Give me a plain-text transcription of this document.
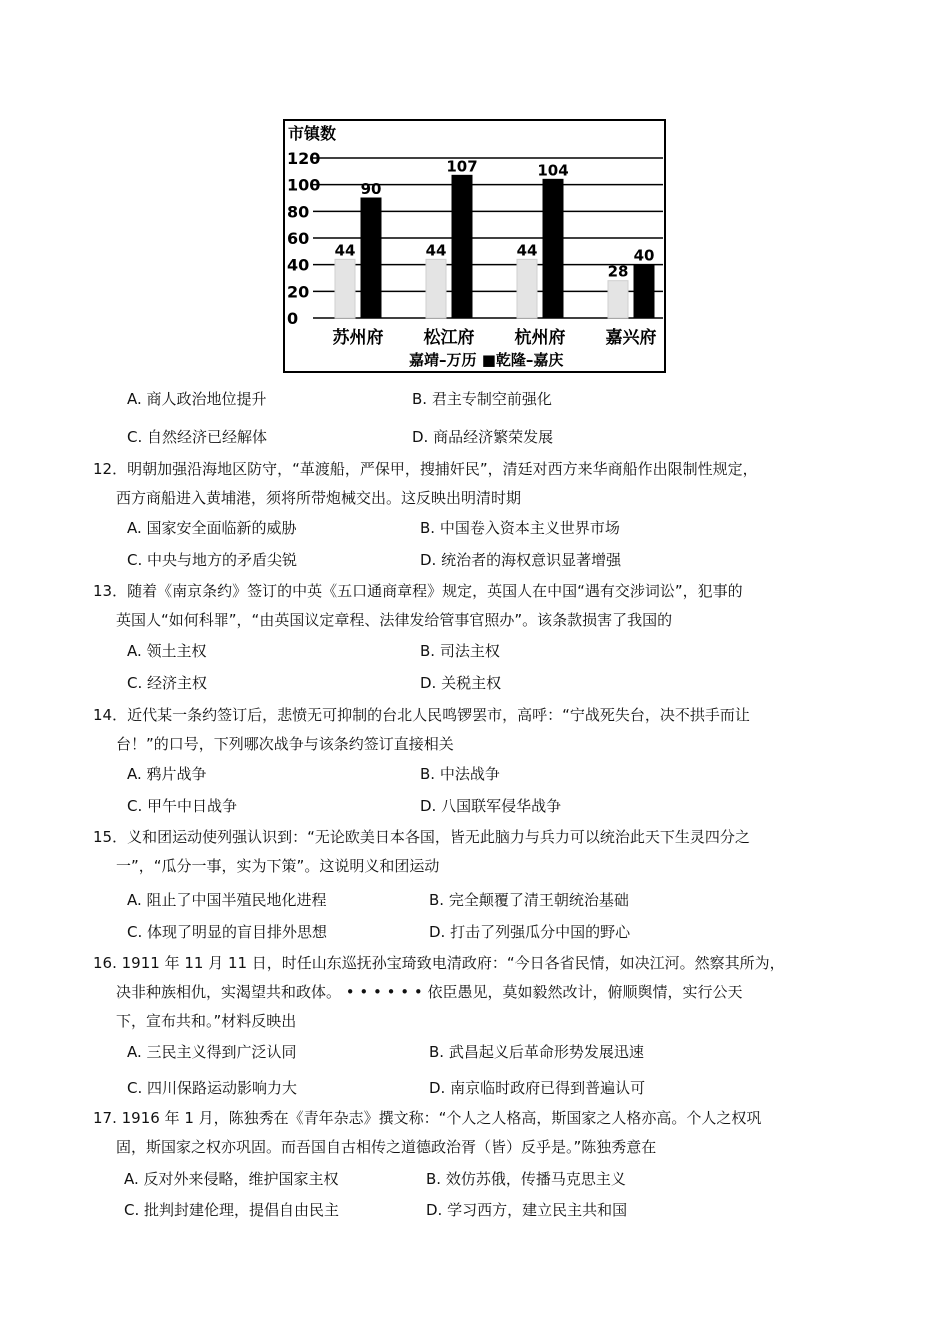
市镇数
0
20
40
60
80
100
120
44
90
44
107
44
104
28
40
苏州府 松江府 杭州府 嘉兴府
嘉靖–万历 ■乾隆–嘉庆
A. 商人政治地位提升	B. 君主专制空前强化
C. 自然经济已经解体	D. 商品经济繁荣发展
12．明朝加强沿海地区防守，“革渡船，严保甲，搜捕奸民”，清廷对西方来华商船作出限制性规定，
西方商船进入黄埔港，须将所带炮械交出。这反映出明清时期
A. 国家安全面临新的威胁	B. 中国卷入资本主义世界市场
C. 中央与地方的矛盾尖锐	D. 统治者的海权意识显著增强
13．随着《南京条约》签订的中英《五口通商章程》规定，英国人在中国“遇有交涉词讼”，犯事的
英国人“如何科罪”，“由英国议定章程、法律发给管事官照办”。该条款损害了我国的
A. 领土主权	B. 司法主权
C. 经济主权	D. 关税主权
14．近代某一条约签订后，悲愤无可抑制的台北人民鸣锣罢市，高呼：“宁战死失台，决不拱手而让
台！”的口号，下列哪次战争与该条约签订直接相关
A. 鸦片战争	B. 中法战争
C. 甲午中日战争	D. 八国联军侵华战争
15．义和团运动使列强认识到：“无论欧美日本各国，皆无此脑力与兵力可以统治此天下生灵四分之
一”，“瓜分一事，实为下策”。这说明义和团运动
A. 阻止了中国半殖民地化进程	B. 完全颠覆了清王朝统治基础
C. 体现了明显的盲目排外思想	D. 打击了列强瓜分中国的野心
16. 1911 年 11 月 11 日，时任山东巡抚孙宝琦致电清政府：“今日各省民情，如决江河。然察其所为，
决非种族相仇，实渴望共和政体。 • • • • • • 依臣愚见，莫如毅然改计，俯顺舆情，实行公天
下，宣布共和。”材料反映出
A. 三民主义得到广泛认同	B. 武昌起义后革命形势发展迅速
C. 四川保路运动影响力大	D. 南京临时政府已得到普遍认可
17. 1916 年 1 月，陈独秀在《青年杂志》撰文称：“个人之人格高，斯国家之人格亦高。个人之权巩
固，斯国家之权亦巩固。而吾国自古相传之道德政治胥（皆）反乎是。”陈独秀意在
A. 反对外来侵略，维护国家主权	B. 效仿苏俄，传播马克思主义
C. 批判封建伦理，提倡自由民主	D. 学习西方，建立民主共和国
